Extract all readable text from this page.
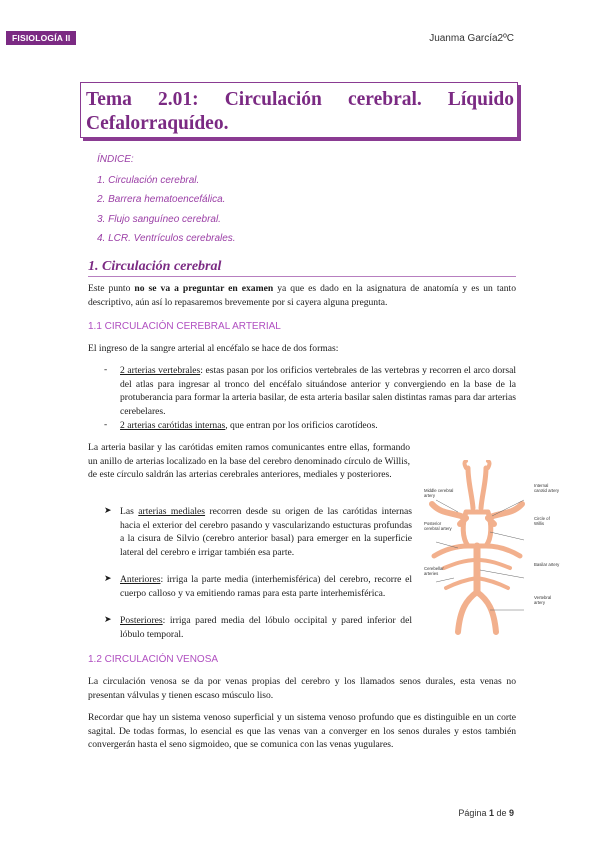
FISIOLOGÍA II	Juanma García2ºC
Tema 2.01: Circulación cerebral. Líquido
Cefalorraquídeo.
ÍNDICE:
1. Circulación cerebral.
2. Barrera hematoencefálica.
3. Flujo sanguíneo cerebral.
4. LCR. Ventrículos cerebrales.
1. Circulación cerebral
Este punto no se va a preguntar en examen ya que es dado en la asignatura de anatomía y es un tanto descriptivo, aún así lo repasaremos brevemente por si cayera alguna pregunta.
1.1 CIRCULACIÓN CEREBRAL ARTERIAL
El ingreso de la sangre arterial al encéfalo se hace de dos formas:
- 2 arterias vertebrales: estas pasan por los orificios vertebrales de las vertebras y recorren el arco dorsal del atlas para ingresar al tronco del encéfalo situándose anterior y convergiendo en la base de la protuberancia para formar la arteria basilar, de esta arteria basilar salen distintas ramas para dar arterias cerebelares.
- 2 arterias carótidas internas, que entran por los orificios carotídeos.
La arteria basilar y las carótidas emiten ramos comunicantes entre ellas, formando un anillo de arterias localizado en la base del cerebro denominado círculo de Willis, de este círculo saldrán las arterias cerebrales anteriores, mediales y posteriores.
➤ Las arterias mediales recorren desde su origen de las carótidas internas hacia el exterior del cerebro pasando y vascularizando estucturas profundas a la cisura de Silvio (cerebro anterior basal) para emerger en la superficie lateral del cerebro e irrigar también esa parte.
➤ Anteriores: irriga la parte media (interhemisférica) del cerebro, recorre el cuerpo calloso y va emitiendo ramas para esta parte interhemisférica.
➤ Posteriores: irriga pared media del lóbulo occipital y pared inferior del lóbulo temporal.
Middle cerebral artery
Internal carotid artery
Posterior cerebral artery
Circle of Willis
Cerebellar arteries
Basilar artery
Vertebral artery
1.2 CIRCULACIÓN VENOSA
La circulación venosa se da por venas propias del cerebro y los llamados senos durales, esta venas no presentan válvulas y tienen escaso músculo liso.
Recordar que hay un sistema venoso superficial y un sistema venoso profundo que es distinguible en un corte sagital. De todas formas, lo esencial es que las venas van a converger en los senos durales y estos también convergerán hasta el seno sigmoideo, que se comunica con las venas yugulares.
Página 1 de 9
